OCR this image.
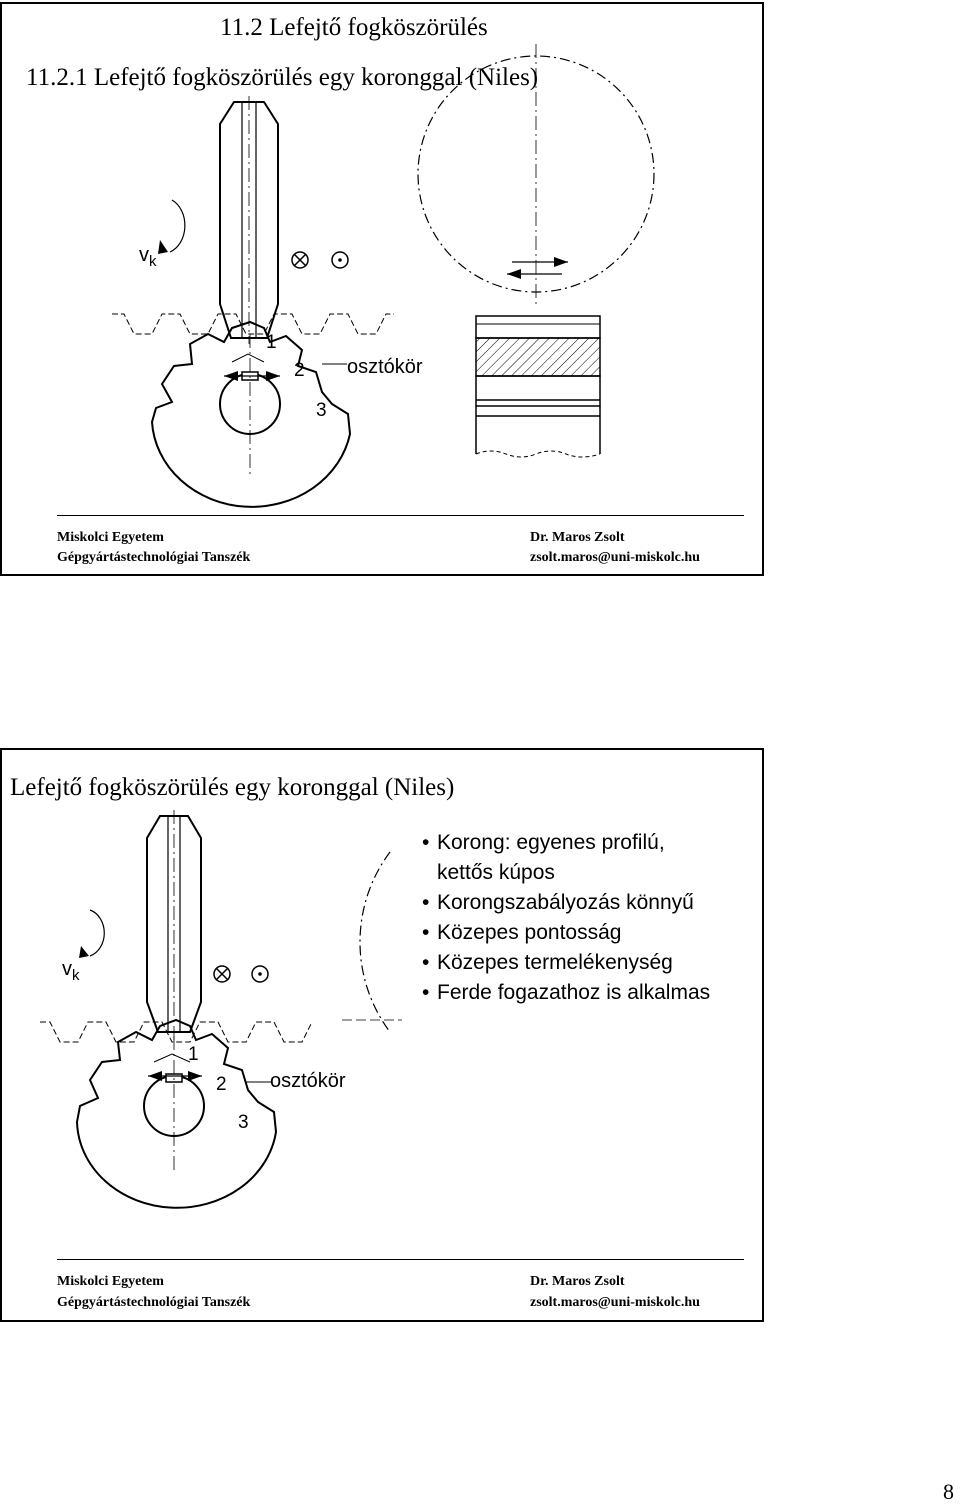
11.2 Lefejtő fogköszörülés
11.2.1 Lefejtő fogköszörülés egy koronggal (Niles)
$v_k$
1
2
3
osztókör
Miskolci Egyetem
Gépgyártástechnológiai Tanszék
Dr. Maros Zsolt
zsolt.maros@uni-miskolc.hu
Lefejtő fogköszörülés egy koronggal (Niles)
$v_k$
1
2
3
osztókör
• Korong: egyenes profilú,
kettős kúpos
• Korongszabályozás könnyű
• Közepes pontosság
• Közepes termelékenység
• Ferde fogazathoz is alkalmas
Miskolci Egyetem
Gépgyártástechnológiai Tanszék
Dr. Maros Zsolt
zsolt.maros@uni-miskolc.hu
8
